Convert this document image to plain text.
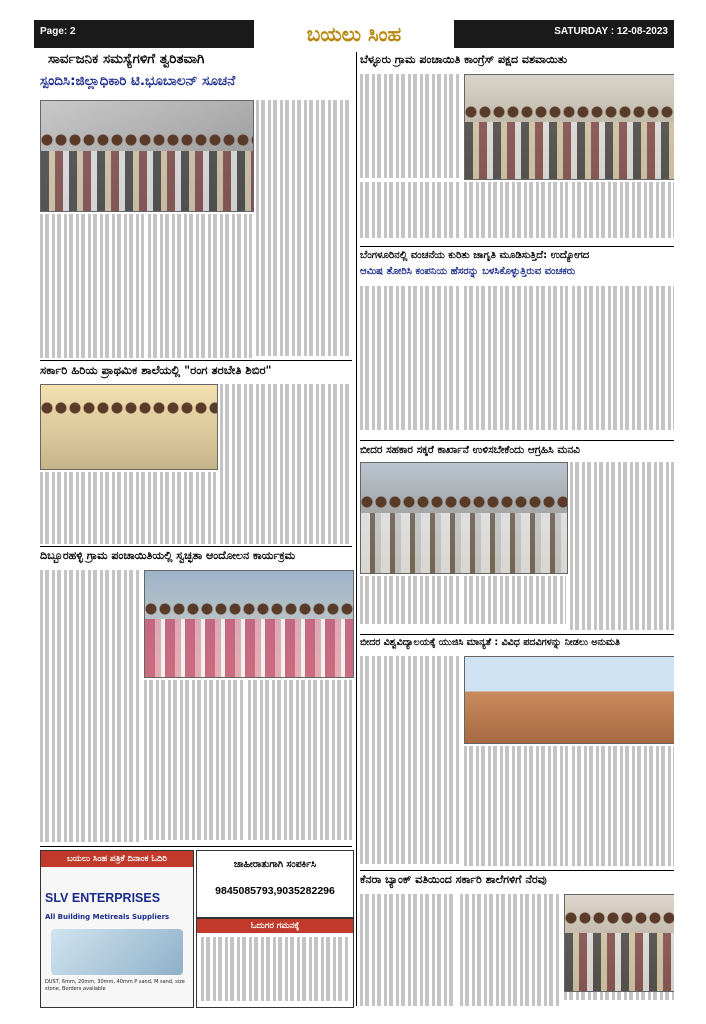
Page: 2	ಬಯಲು ಸಿಂಹ	SATURDAY : 12-08-2023
ಸಾರ್ವಜನಿಕ ಸಮಸ್ಯೆಗಳಿಗೆ ತ್ವರಿತವಾಗಿ
ಸ್ಪಂದಿಸಿ:ಜಿಲ್ಲಾಧಿಕಾರಿ ಟಿ.ಭೂಬಾಲನ್ ಸೂಚನೆ
ಸರ್ಕಾರಿ ಹಿರಿಯ ಪ್ರಾಥಮಿಕ ಶಾಲೆಯಲ್ಲಿ "ರಂಗ ತರಬೇತಿ ಶಿಬಿರ"
ದಿಬ್ಬೂರಹಳ್ಳಿ ಗ್ರಾಮ ಪಂಚಾಯಿತಿಯಲ್ಲಿ ಸ್ವಚ್ಛತಾ ಆಂದೋಲನ ಕಾರ್ಯಕ್ರಮ
ಬಯಲು ಸಿಂಹ ಪತ್ರಿಕೆ ದಿನಾಂಕ ಓದಿರಿ
SLV ENTERPRISES
All Building Metireals Suppliers
DUST, 6mm, 20mm, 30mm, 40mm P sand, M sand, size stone, Borders available
ಜಾಹೀರಾತುಗಾಗಿ ಸಂಪರ್ಕಿಸಿ
9845085793,9035282296
ಓದುಗರ ಗಮನಕ್ಕೆ
ಬೆಳ್ಳೂರು ಗ್ರಾಮ ಪಂಚಾಯಿತಿ ಕಾಂಗ್ರೆಸ್ ಪಕ್ಷದ ವಶವಾಯಿತು
ಬೆಂಗಳೂರಿನಲ್ಲಿ ವಂಚನೆಯ ಕುರಿತು ಜಾಗೃತಿ ಮೂಡಿಸುತ್ತಿದೆ: ಉದ್ಯೋಗದ
ಆಮಿಷ ತೋರಿಸಿ ಕಂಪನಿಯ ಹೆಸರನ್ನು ಬಳಸಿಕೊಳ್ಳುತ್ತಿರುವ ವಂಚಕರು
ಬೀದರ ಸಹಕಾರ ಸಕ್ಕರೆ ಕಾರ್ಖಾನೆ ಉಳಿಸಬೇಕೆಂದು ಆಗ್ರಹಿಸಿ ಮನವಿ
ಬೀದರ ವಿಶ್ವವಿದ್ಯಾಲಯಕ್ಕೆ ಯುಜಿಸಿ ಮಾನ್ಯತೆ : ವಿವಿಧ ಪದವಿಗಳನ್ನು ನೀಡಲು ಅನುಮತಿ
ಕೆನರಾ ಬ್ಯಾಂಕ್ ವತಿಯಿಂದ ಸರ್ಕಾರಿ ಶಾಲೆಗಳಿಗೆ ನೆರವು
